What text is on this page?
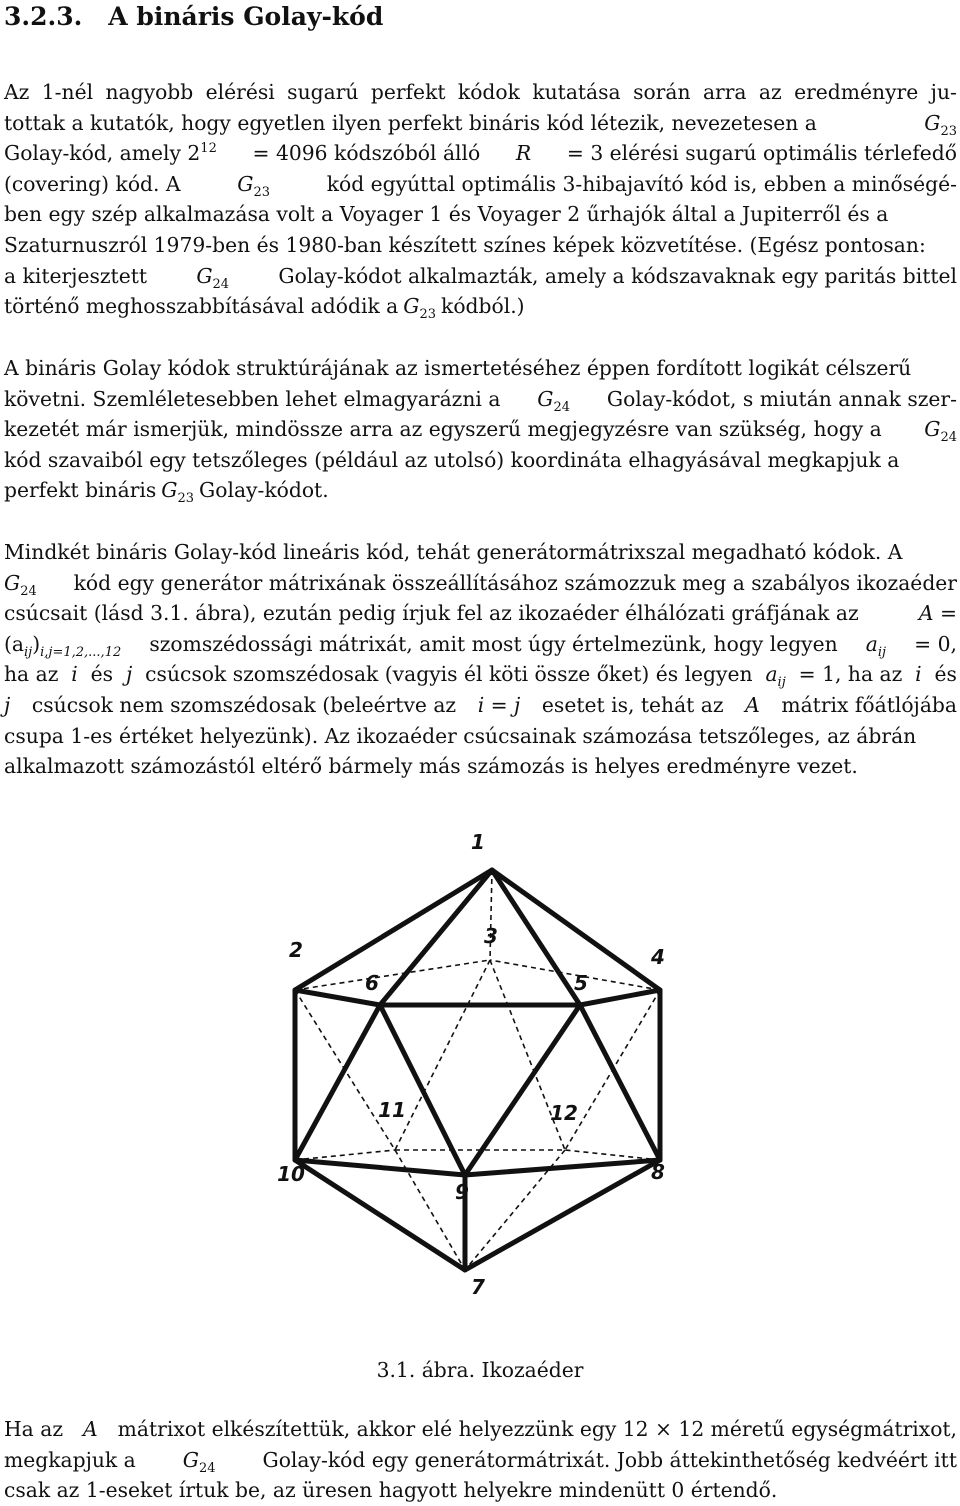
3.2.3. A bináris Golay-kód
Az 1-nél nagyobb elérési sugarú perfekt kódok kutatása során arra az eredményre ju-
tottak a kutatók, hogy egyetlen ilyen perfekt bináris kód létezik, nevezetesen a	$G_{23}$
Golay-kód, amely $2^{12} = 4096$ kódszóból álló R = 3 elérési sugarú optimális térlefedő
(covering) kód. A	$G_{23}$	kód egyúttal optimális 3-hibajavító kód is, ebben a minőségé-
ben egy szép alkalmazása volt a Voyager 1 és Voyager 2 űrhajók által a Jupiterről és a
Szaturnuszról 1979-ben és 1980-ban készített színes képek közvetítése. (Egész pontosan:
a kiterjesztett $G_{24}$ Golay-kódot alkalmazták, amely a kódszavaknak egy paritás bittel
történő meghosszabbításával adódik a $G_{23}$ kódból.)
A bináris Golay kódok struktúrájának az ismertetéséhez éppen fordított logikát célszerű
követni. Szemléletesebben lehet elmagyarázni a $G_{24}$ Golay-kódot, s miután annak szer-
kezetét már ismerjük, mindössze arra az egyszerű megjegyzésre van szükség, hogy a $G_{24}$
kód szavaiból egy tetszőleges (például az utolsó) koordináta elhagyásával megkapjuk a
perfekt bináris $G_{23}$ Golay-kódot.
Mindkét bináris Golay-kód lineáris kód, tehát generátormátrixszal megadható kódok. A
$G_{24}$ kód egy generátor mátrixának összeállításához számozzuk meg a szabályos ikozaéder
csúcsait (lásd 3.1. ábra), ezután pedig írjuk fel az ikozaéder élhálózati gráfjának az	A =
$(a_{ij})_{i,j=1,2,...,12}$ szomszédossági mátrixát, amit most úgy értelmezünk, hogy legyen $a_{ij} = 0$,
ha az i és j csúcsok szomszédosak (vagyis él köti össze őket) és legyen $a_{ij} = 1$, ha az i és
j csúcsok nem szomszédosak (beleértve az i = j esetet is, tehát az A mátrix főátlójába
csupa 1-es értéket helyezünk). Az ikozaéder csúcsainak számozása tetszőleges, az ábrán
alkalmazott számozástól eltérő bármely más számozás is helyes eredményre vezet.
1
2
3
4
5
6
7
8
9
10
11	12
3.1. ábra. Ikozaéder
Ha az A mátrixot elkészítettük, akkor elé helyezzünk egy 12 × 12 méretű egységmátrixot,
megkapjuk a $G_{24}$ Golay-kód egy generátormátrixát. Jobb áttekinthetőség kedvéért itt
csak az 1-eseket írtuk be, az üresen hagyott helyekre mindenütt 0 értendő.
